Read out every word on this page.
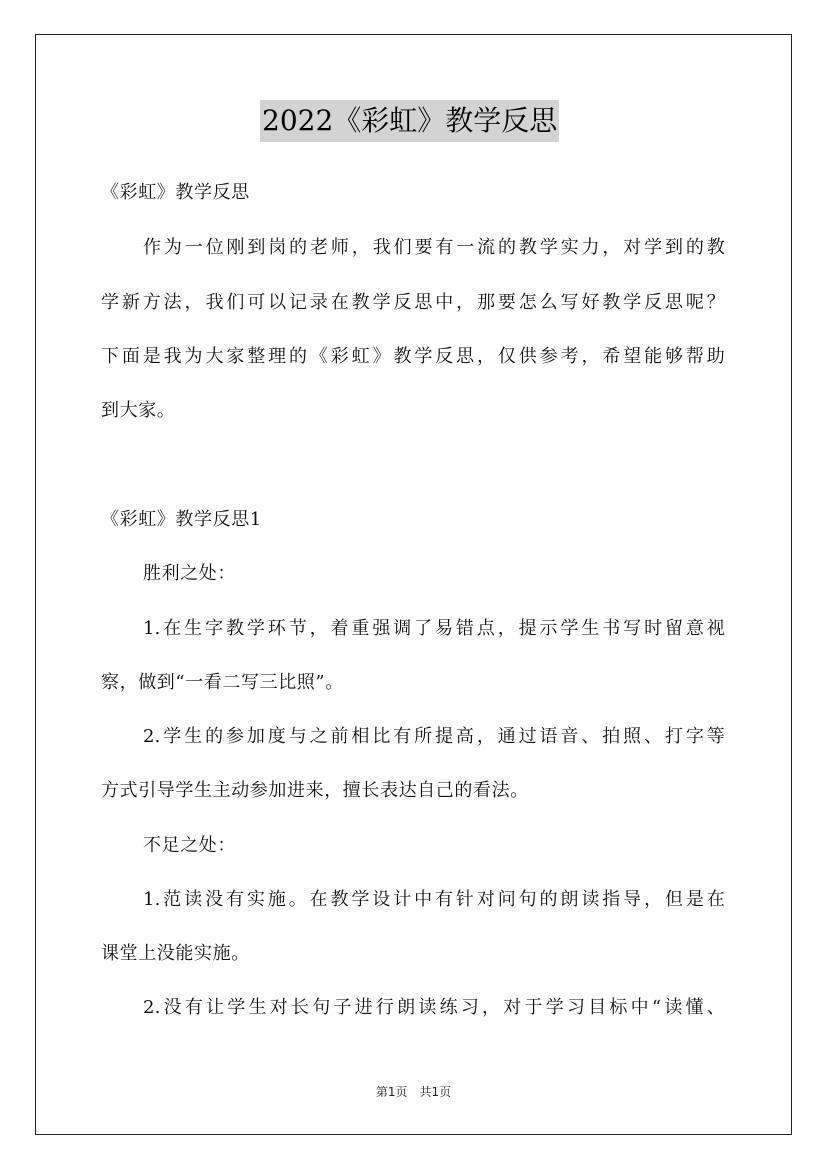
2022《彩虹》教学反思
《彩虹》教学反思
作为一位刚到岗的老师，我们要有一流的教学实力，对学到的教
学新方法，我们可以记录在教学反思中，那要怎么写好教学反思呢？
下面是我为大家整理的《彩虹》教学反思，仅供参考，希望能够帮助
到大家。
《彩虹》教学反思1
胜利之处：
1.在生字教学环节，着重强调了易错点，提示学生书写时留意视
察，做到“一看二写三比照”。
2.学生的参加度与之前相比有所提高，通过语音、拍照、打字等
方式引导学生主动参加进来，擅长表达自己的看法。
不足之处：
1.范读没有实施。在教学设计中有针对问句的朗读指导，但是在
课堂上没能实施。
2.没有让学生对长句子进行朗读练习，对于学习目标中“读懂、
第1页　共1页
